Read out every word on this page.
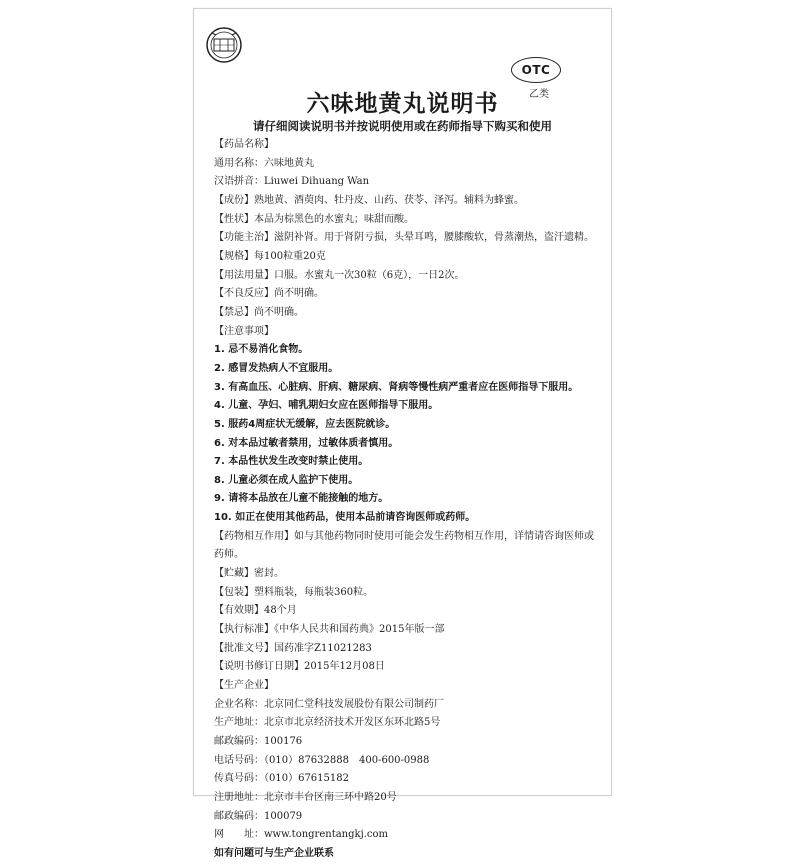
OTC
乙类
六味地黄丸说明书
请仔细阅读说明书并按说明使用或在药师指导下购买和使用
【药品名称】
通用名称：六味地黄丸
汉语拼音：Liuwei Dihuang Wan
【成份】熟地黄、酒萸肉、牡丹皮、山药、茯苓、泽泻。辅料为蜂蜜。
【性状】本品为棕黑色的水蜜丸；味甜而酸。
【功能主治】滋阴补肾。用于肾阴亏损，头晕耳鸣，腰膝酸软，骨蒸潮热，盗汗遗精。
【规格】每100粒重20克
【用法用量】口服。水蜜丸一次30粒（6克），一日2次。
【不良反应】尚不明确。
【禁忌】尚不明确。
【注意事项】
1. 忌不易消化食物。
2. 感冒发热病人不宜服用。
3. 有高血压、心脏病、肝病、糖尿病、肾病等慢性病严重者应在医师指导下服用。
4. 儿童、孕妇、哺乳期妇女应在医师指导下服用。
5. 服药4周症状无缓解，应去医院就诊。
6. 对本品过敏者禁用，过敏体质者慎用。
7. 本品性状发生改变时禁止使用。
8. 儿童必须在成人监护下使用。
9. 请将本品放在儿童不能接触的地方。
10. 如正在使用其他药品，使用本品前请咨询医师或药师。
【药物相互作用】如与其他药物同时使用可能会发生药物相互作用，详情请咨询医师或药师。
【贮藏】密封。
【包装】塑料瓶装，每瓶装360粒。
【有效期】48个月
【执行标准】《中华人民共和国药典》2015年版一部
【批准文号】国药准字Z11021283
【说明书修订日期】2015年12月08日
【生产企业】
企业名称：北京同仁堂科技发展股份有限公司制药厂
生产地址：北京市北京经济技术开发区东环北路5号
邮政编码：100176
电话号码：（010）87632888　400-600-0988
传真号码：（010）67615182
注册地址：北京市丰台区南三环中路20号
邮政编码：100079
网　　址：www.tongrentangkj.com
如有问题可与生产企业联系
